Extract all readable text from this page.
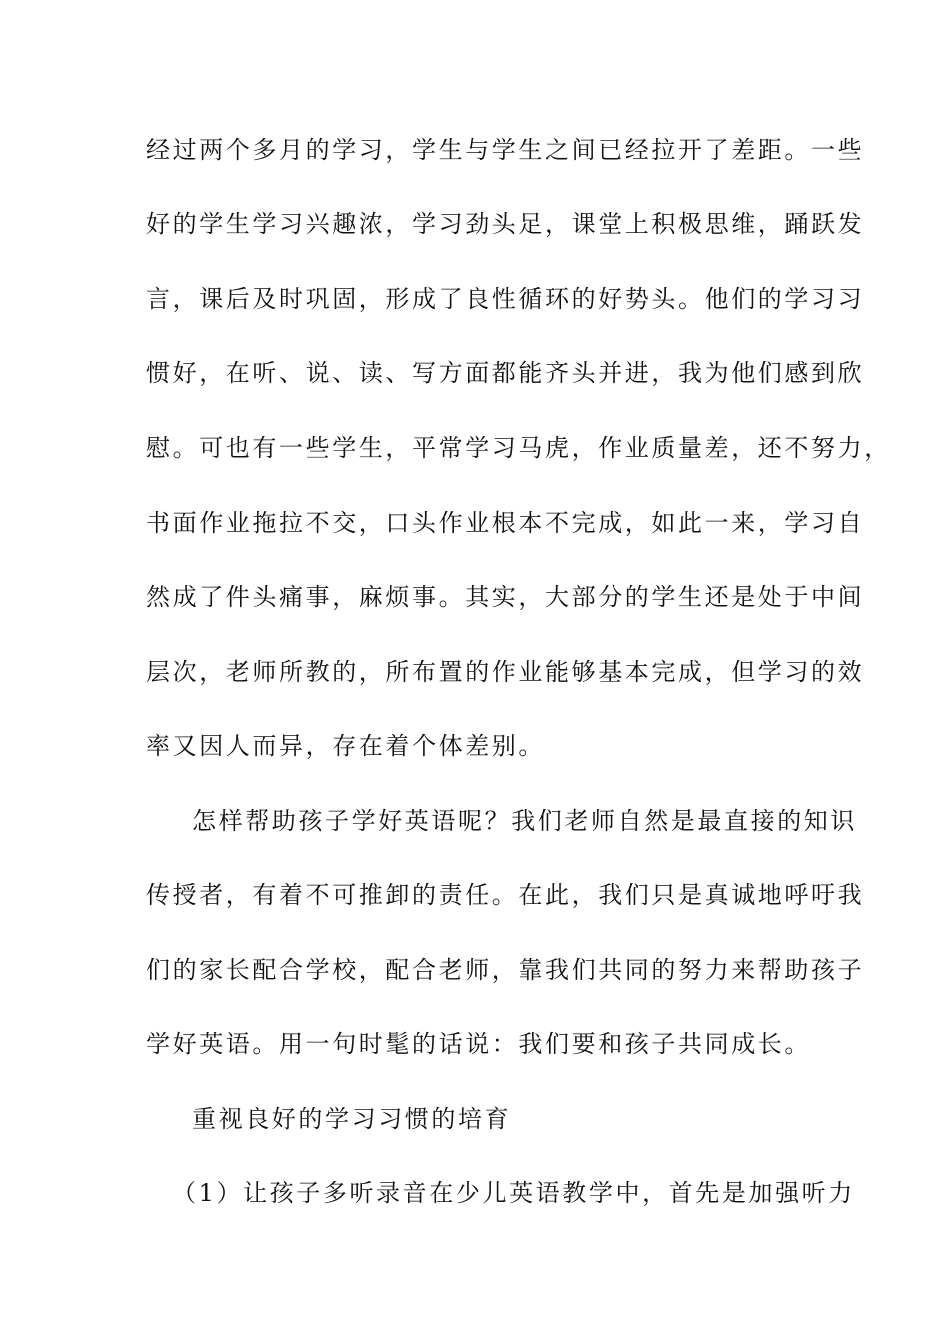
经过两个多月的学习，学生与学生之间已经拉开了差距。一些
好的学生学习兴趣浓，学习劲头足，课堂上积极思维，踊跃发
言，课后及时巩固，形成了良性循环的好势头。他们的学习习
惯好，在听、说、读、写方面都能齐头并进，我为他们感到欣
慰。可也有一些学生，平常学习马虎，作业质量差，还不努力，
书面作业拖拉不交，口头作业根本不完成，如此一来，学习自
然成了件头痛事，麻烦事。其实，大部分的学生还是处于中间
层次，老师所教的，所布置的作业能够基本完成，但学习的效
率又因人而异，存在着个体差别。
怎样帮助孩子学好英语呢？我们老师自然是最直接的知识
传授者，有着不可推卸的责任。在此，我们只是真诚地呼吁我
们的家长配合学校，配合老师，靠我们共同的努力来帮助孩子
学好英语。用一句时髦的话说：我们要和孩子共同成长。
重视良好的学习习惯的培育
（1）让孩子多听录音在少儿英语教学中，首先是加强听力
